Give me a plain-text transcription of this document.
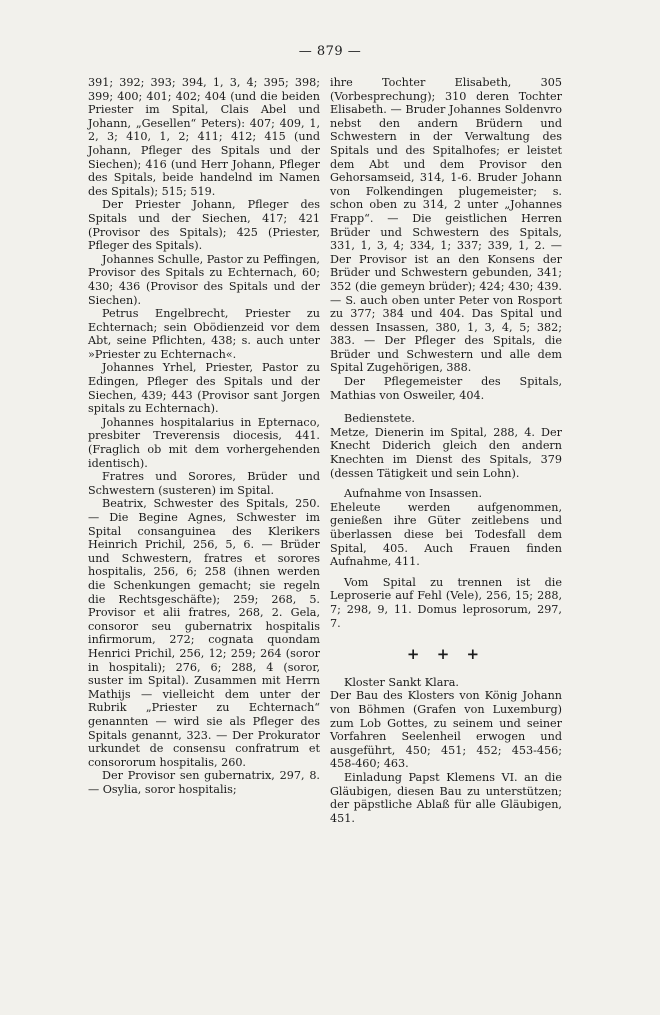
— 879 —

391; 392; 393; 394, 1, 3, 4; 395; 398; 399; 400; 401; 402; 404 (und die beiden Priester im Spital, Clais Abel und Johann, „Gesellen“ Peters): 407; 409, 1, 2, 3; 410, 1, 2; 411; 412; 415 (und Johann, Pfleger des Spitals und der Siechen); 416 (und Herr Johann, Pfleger des Spitals, beide handelnd im Namen des Spitals); 515; 519.

Der Priester Johann, Pfleger des Spitals und der Siechen, 417; 421 (Provisor des Spitals); 425 (Priester, Pfleger des Spitals).

Johannes Schulle, Pastor zu Peffingen, Provisor des Spitals zu Echternach, 60; 430; 436 (Provisor des Spitals und der Siechen).

Petrus Engelbrecht, Priester zu Echternach; sein Obödienzeid vor dem Abt, seine Pflichten, 438; s. auch unter »Priester zu Echternach«.

Johannes Yrhel, Priester, Pastor zu Edingen, Pfleger des Spitals und der Siechen, 439; 443 (Provisor sant Jorgen spitals zu Echternach).

Johannes hospitalarius in Epternaco, presbiter Treverensis diocesis, 441. (Fraglich ob mit dem vorhergehenden identisch).

Fratres und Sorores, Brüder und Schwestern (susteren) im Spital.

Beatrix, Schwester des Spitals, 250. — Die Begine Agnes, Schwester im Spital consanguinea des Klerikers Heinrich Prichil, 256, 5, 6. — Brüder und Schwestern, fratres et sorores hospitalis, 256, 6; 258 (ihnen werden die Schenkungen gemacht; sie regeln die Rechtsgeschäfte); 259; 268, 5. Provisor et alii fratres, 268, 2. Gela, consoror seu gubernatrix hospitalis infirmorum, 272; cognata quondam Henrici Prichil, 256, 12; 259; 264 (soror in hospitali); 276, 6; 288, 4 (soror, suster im Spital). Zusammen mit Herrn Mathijs — vielleicht dem unter der Rubrik „Priester zu Echternach“ genannten — wird sie als Pfleger des Spitals genannt, 323. — Der Prokurator urkundet de consensu confratrum et consororum hospitalis, 260.

Der Provisor sen gubernatrix, 297, 8. — Osylia, soror hospitalis;

ihre Tochter Elisabeth, 305 (Vorbesprechung); 310 deren Tochter Elisabeth. — Bruder Johannes Soldenvro nebst den andern Brüdern und Schwestern in der Verwaltung des Spitals und des Spitalhofes; er leistet dem Abt und dem Provisor den Gehorsamseid, 314, 1-6. Bruder Johann von Folkendingen plugemeister; s. schon oben zu 314, 2 unter „Johannes Frapp“. — Die geistlichen Herren Brüder und Schwestern des Spitals, 331, 1, 3, 4; 334, 1; 337; 339, 1, 2. — Der Provisor ist an den Konsens der Brüder und Schwestern gebunden, 341; 352 (die gemeyn brüder); 424; 430; 439. — S. auch oben unter Peter von Rosport zu 377; 384 und 404. Das Spital und dessen Insassen, 380, 1, 3, 4, 5; 382; 383. — Der Pfleger des Spitals, die Brüder und Schwestern und alle dem Spital Zugehörigen, 388.

Der Pflegemeister des Spitals, Mathias von Osweiler, 404.

Bedienstete.

Metze, Dienerin im Spital, 288, 4. Der Knecht Diderich gleich den andern Knechten im Dienst des Spitals, 379 (dessen Tätigkeit und sein Lohn).

Aufnahme von Insassen.

Eheleute werden aufgenommen, genießen ihre Güter zeitlebens und überlassen diese bei Todesfall dem Spital, 405. Auch Frauen finden Aufnahme, 411.

Vom Spital zu trennen ist die Leproserie auf Fehl (Vele), 256, 15; 288, 7; 298, 9, 11. Domus leprosorum, 297, 7.

+ + +

Kloster Sankt Klara.

Der Bau des Klosters von König Johann von Böhmen (Grafen von Luxemburg) zum Lob Gottes, zu seinem und seiner Vorfahren Seelenheil erwogen und ausgeführt, 450; 451; 452; 453-456; 458-460; 463.

Einladung Papst Klemens VI. an die Gläubigen, diesen Bau zu unterstützen; der päpstliche Ablaß für alle Gläubigen, 451.
